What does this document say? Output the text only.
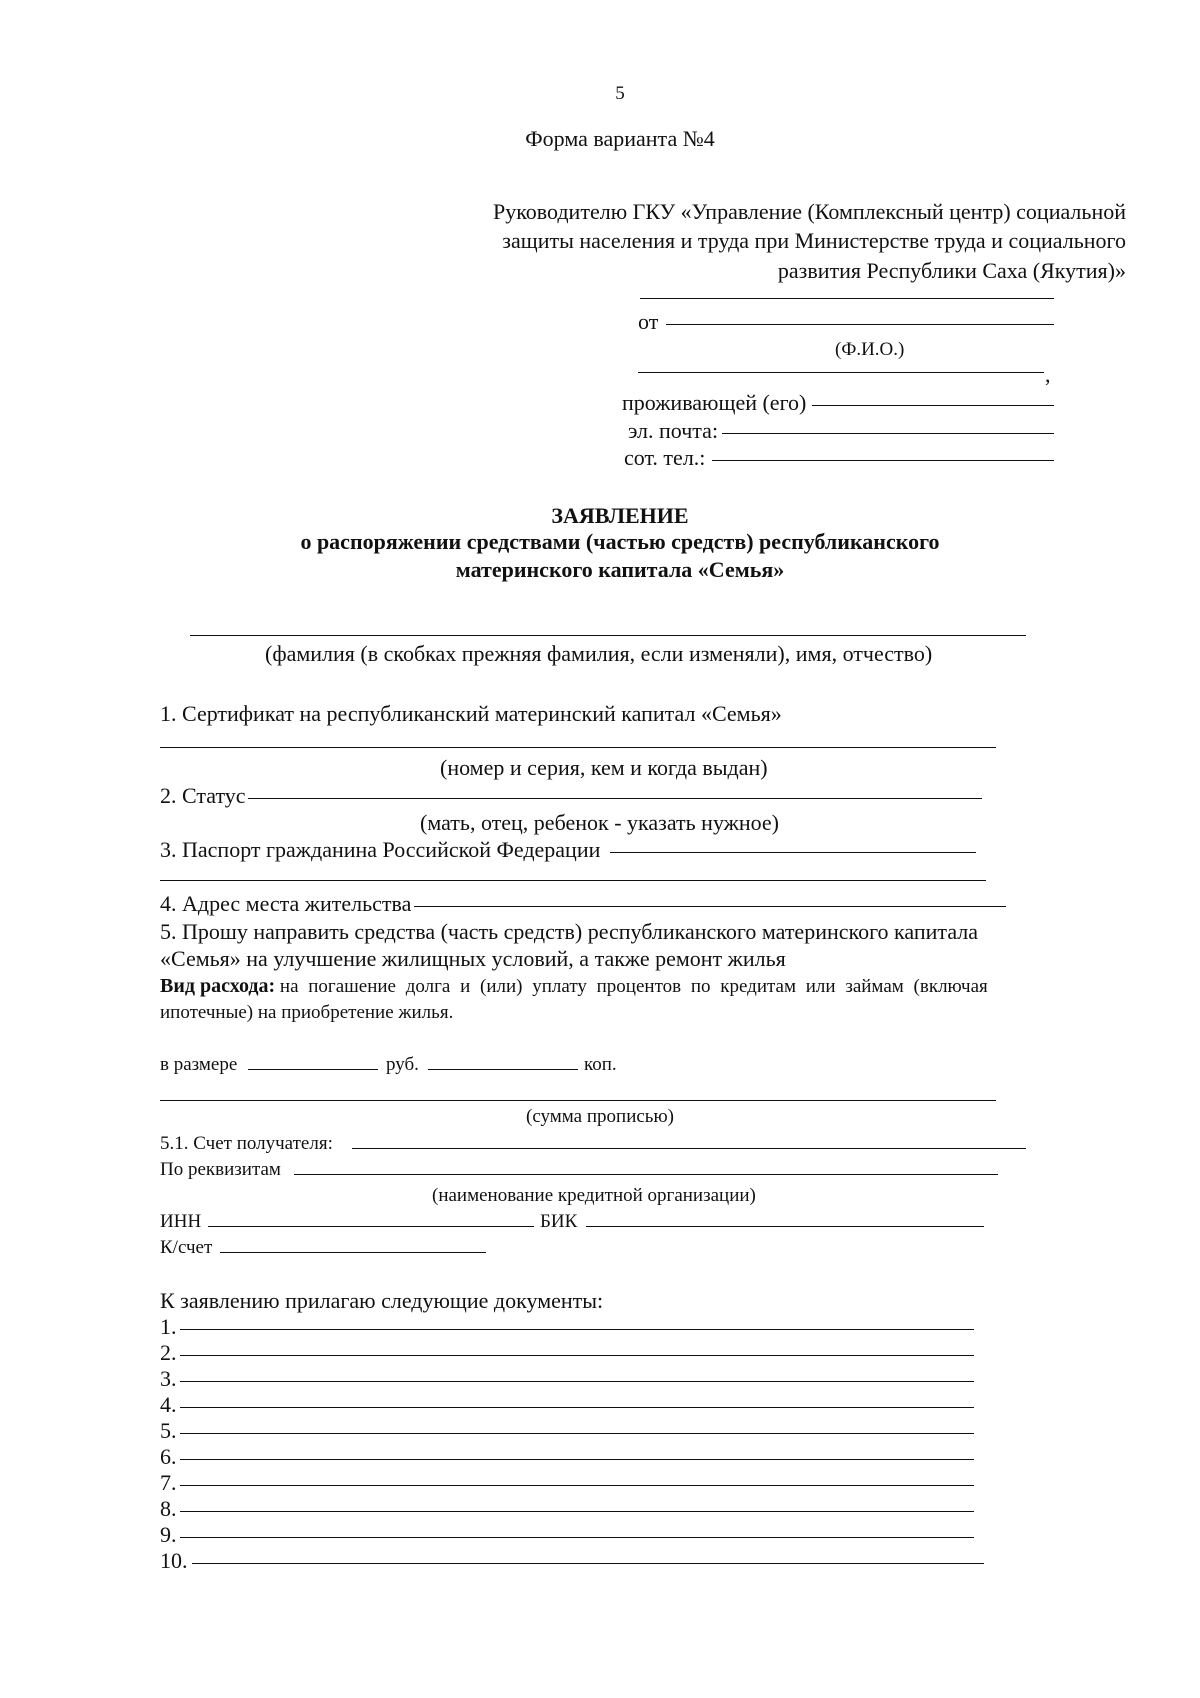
5
Форма варианта №4
Руководителю ГКУ «Управление (Комплексный центр) социальной
защиты населения и труда при Министерстве труда и социального
развития Республики Саха (Якутия)»
от
(Ф.И.О.)
,
проживающей (его)
эл. почта:
сот. тел.:
ЗАЯВЛЕНИЕ
о распоряжении средствами (частью средств) республиканского
материнского капитала «Семья»
(фамилия (в скобках прежняя фамилия, если изменяли), имя, отчество)
1. Сертификат на республиканский материнский капитал «Семья»
(номер и серия, кем и когда выдан)
2. Статус
(мать, отец, ребенок - указать нужное)
3. Паспорт гражданина Российской Федерации
4. Адрес места жительства
5. Прошу направить средства (часть средств) республиканского материнского капитала
«Семья» на улучшение жилищных условий, а также ремонт жилья
Вид расхода: на погашение долга и (или) уплату процентов по кредитам или займам (включая
ипотечные) на приобретение жилья.
в размере	руб.	коп.
(сумма прописью)
5.1. Счет получателя:
По реквизитам
(наименование кредитной организации)
ИНН	БИК
К/счет
К заявлению прилагаю следующие документы:
1.
2.
3.
4.
5.
6.
7.
8.
9.
10.
